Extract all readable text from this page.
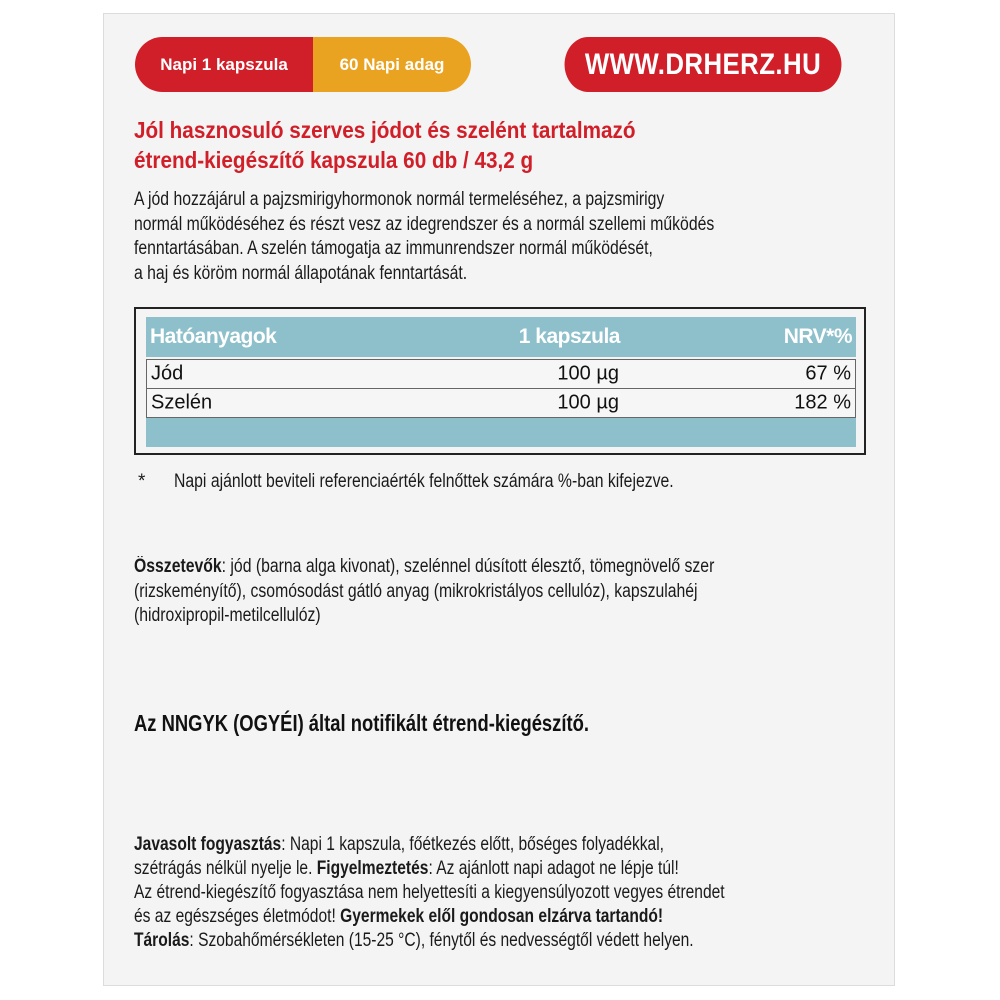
Napi 1 kapszula	60 Napi adag	WWW.DRHERZ.HU
Jól hasznosuló szerves jódot és szelént tartalmazó
étrend-kiegészítő kapszula 60 db / 43,2 g
A jód hozzájárul a pajzsmirigyhormonok normál termeléséhez, a pajzsmirigy
normál működéséhez és részt vesz az idegrendszer és a normál szellemi működés
fenntartásában. A szelén támogatja az immunrendszer normál működését,
a haj és köröm normál állapotának fenntartását.
Hatóanyagok	1 kapszula	NRV*%
Jód	100 µg	67 %
Szelén	100 µg	182 %
* Napi ajánlott beviteli referenciaérték felnőttek számára %-ban kifejezve.
Összetevők: jód (barna alga kivonat), szelénnel dúsított élesztő, tömegnövelő szer
(rizskeményítő), csomósodást gátló anyag (mikrokristályos cellulóz), kapszulahéj
(hidroxipropil-metilcellulóz)
Az NNGYK (OGYÉI) által notifikált étrend-kiegészítő.
Javasolt fogyasztás: Napi 1 kapszula, főétkezés előtt, bőséges folyadékkal,
szétrágás nélkül nyelje le. Figyelmeztetés: Az ajánlott napi adagot ne lépje túl!
Az étrend-kiegészítő fogyasztása nem helyettesíti a kiegyensúlyozott vegyes étrendet
és az egészséges életmódot! Gyermekek elől gondosan elzárva tartandó!
Tárolás: Szobahőmérsékleten (15-25 °C), fénytől és nedvességtől védett helyen.
